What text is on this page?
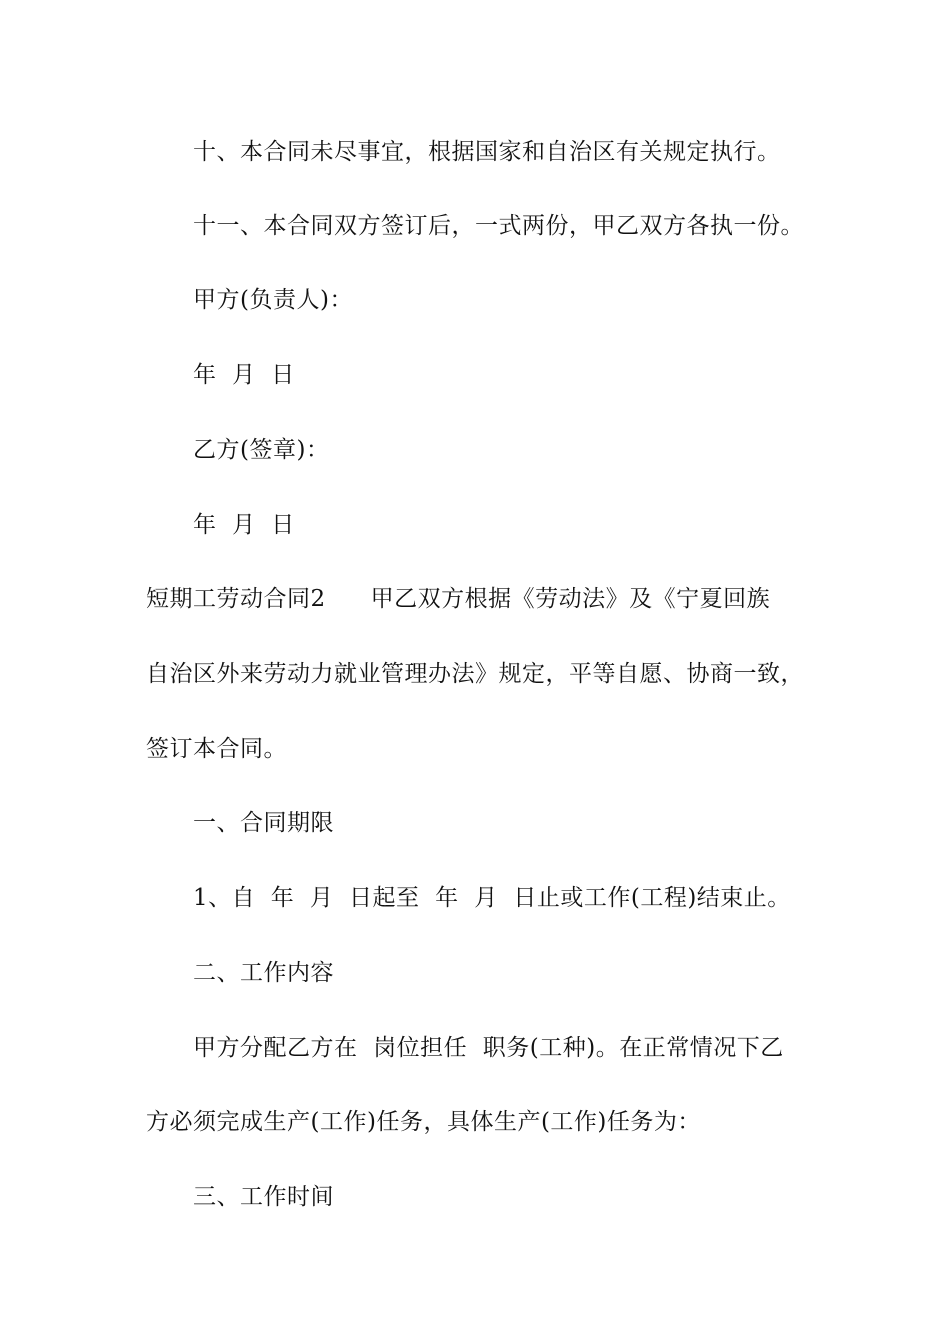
十、本合同未尽事宜，根据国家和自治区有关规定执行。
十一、本合同双方签订后，一式两份，甲乙双方各执一份。
甲方(负责人)：
年  月  日
乙方(签章)：
年  月  日
短期工劳动合同2 甲乙双方根据《劳动法》及《宁夏回族
自治区外来劳动力就业管理办法》规定，平等自愿、协商一致，
签订本合同。
一、合同期限
1、自  年  月  日起至  年  月  日止或工作(工程)结束止。
二、工作内容
甲方分配乙方在  岗位担任  职务(工种)。在正常情况下乙
方必须完成生产(工作)任务，具体生产(工作)任务为：
三、工作时间
